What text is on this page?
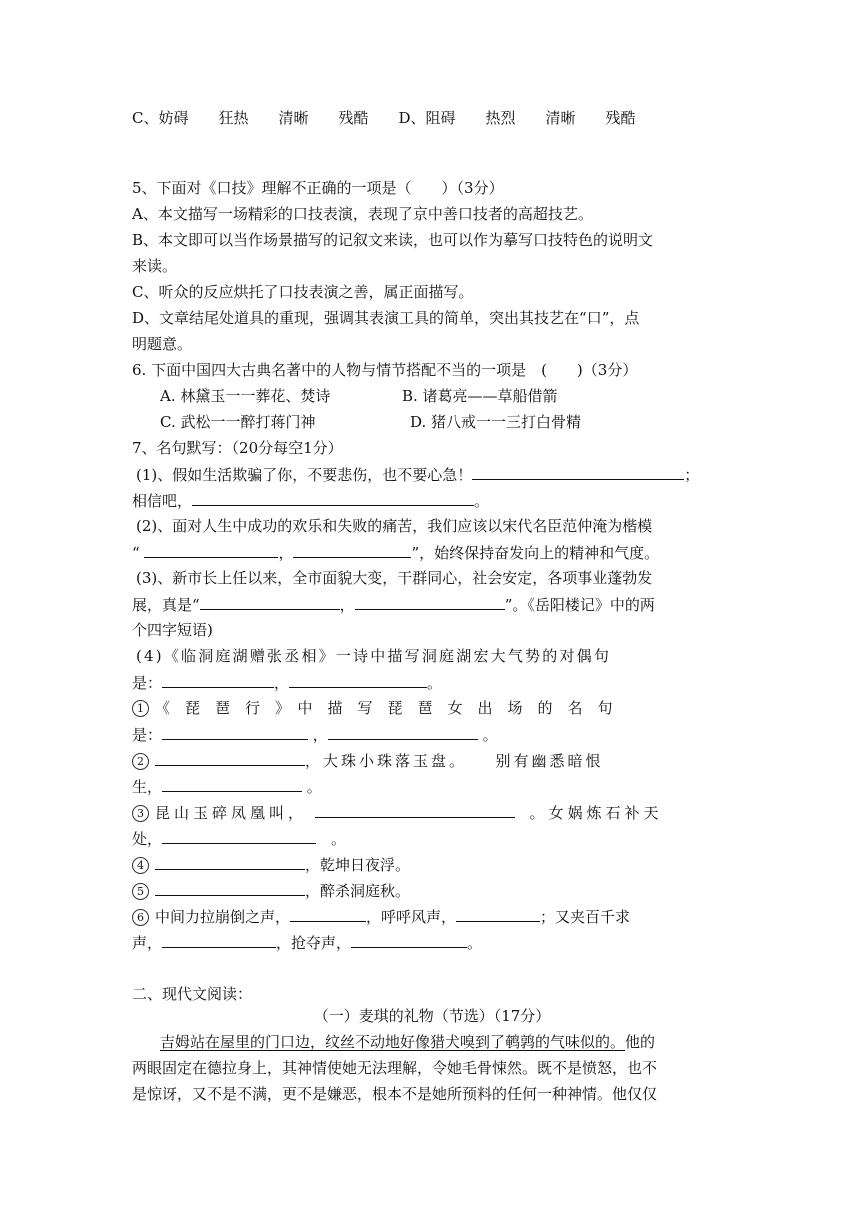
C、妨碍　　狂热　　清晰　　残酷　　D、阻碍　　热烈　　清晰　　残酷
5、下面对《口技》理解不正确的一项是（　　）（3分）
A、本文描写一场精彩的口技表演，表现了京中善口技者的高超技艺。
B、本文即可以当作场景描写的记叙文来读，也可以作为摹写口技特色的说明文
来读。
C、听众的反应烘托了口技表演之善，属正面描写。
D、文章结尾处道具的重现，强调其表演工具的简单，突出其技艺在“口”，点
明题意。
6. 下面中国四大古典名著中的人物与情节搭配不当的一项是　(　　)（3分）
A. 林黛玉一一葬花、焚诗	B. 诸葛亮——草船借箭
C. 武松一一醉打蒋门神	D. 猪八戒一一三打白骨精
7、名句默写：（20分每空1分）
(1)、假如生活欺骗了你，不要悲伤，也不要心急！	；
相信吧，	。
(2)、面对人生中成功的欢乐和失败的痛苦，我们应该以宋代名臣范仲淹为楷模
“	，	”，始终保持奋发向上的精神和气度。
(3)、新市长上任以来，全市面貌大变，干群同心，社会安定，各项事业蓬勃发
展，真是“	，	”。《岳阳楼记》中的两
个四字短语)
(4)《临洞庭湖赠张丞相》一诗中描写洞庭湖宏大气势的对偶句
是：	，	。
1 《　琵　琶　行　》　中　描　写　琵　琶　女　出　场　的　名　句
是：	，	。
2	，大珠小珠落玉盘。　　别有幽悉暗恨
生，	。
3 昆山玉碎凤凰叫，　　	。女娲炼石补天
处，	　。
4	，乾坤日夜浮。
5	，醉杀洞庭秋。
6 中间力拉崩倒之声，	，呼呼风声，	；又夹百千求
声，	，抢夺声，	。
二、现代文阅读：
（一）麦琪的礼物（节选）（17分）
吉姆站在屋里的门口边，纹丝不动地好像猎犬嗅到了鹌鹑的气味似的。他的
两眼固定在德拉身上，其神情使她无法理解，令她毛骨悚然。既不是愤怒，也不
是惊讶，又不是不满，更不是嫌恶，根本不是她所预料的任何一种神情。他仅仅
